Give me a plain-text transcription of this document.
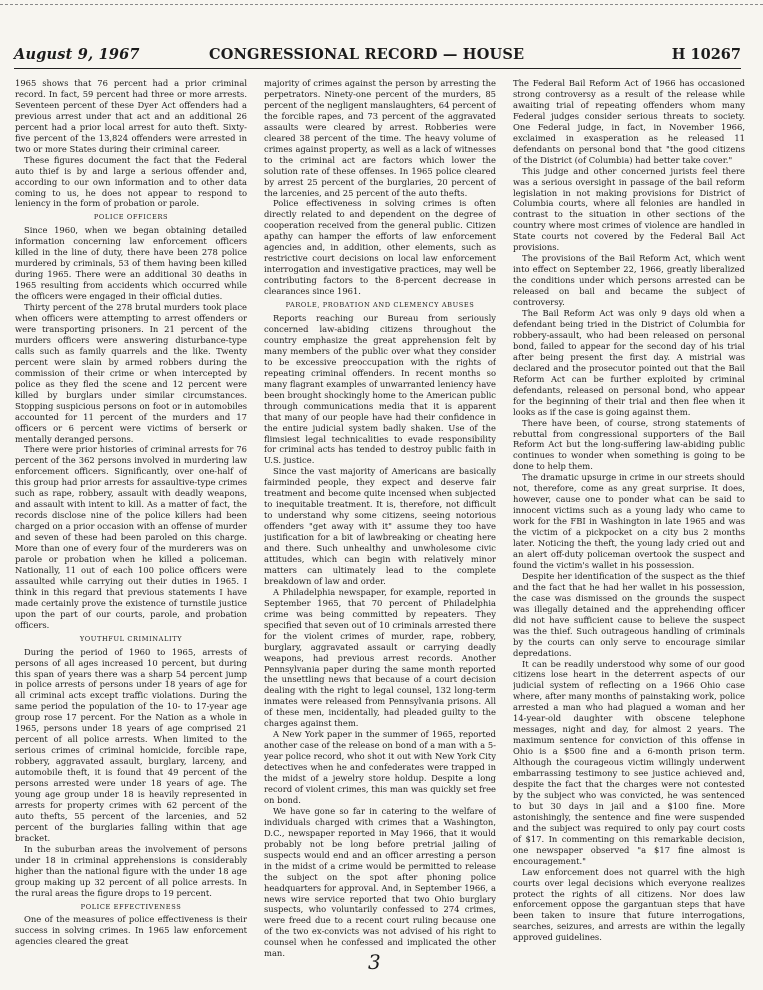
August 9, 1967	CONGRESSIONAL RECORD — HOUSE	H 10267

1965 shows that 76 percent had a prior criminal record. In fact, 59 percent had three or more arrests. Seventeen percent of these Dyer Act offenders had a previous arrest under that act and an additional 26 percent had a prior local arrest for auto theft. Sixty-five percent of the 13,824 offenders were arrested in two or more States during their criminal career.

These figures document the fact that the Federal auto thief is by and large a serious offender and, according to our own information and to other data coming to us, he does not appear to respond to leniency in the form of probation or parole.

POLICE OFFICERS

Since 1960, when we began obtaining detailed information concerning law enforcement officers killed in the line of duty, there have been 278 police murdered by criminals, 53 of them having been killed during 1965. There were an additional 30 deaths in 1965 resulting from accidents which occurred while the officers were engaged in their official duties.

Thirty percent of the 278 brutal murders took place when officers were attempting to arrest offenders or were transporting prisoners. In 21 percent of the murders officers were answering disturbance-type calls such as family quarrels and the like. Twenty percent were slain by armed robbers during the commission of their crime or when intercepted by police as they fled the scene and 12 percent were killed by burglars under similar circumstances. Stopping suspicious persons on foot or in automobiles accounted for 11 percent of the murders and 17 officers or 6 percent were victims of berserk or mentally deranged persons.

There were prior histories of criminal arrests for 76 percent of the 362 persons involved in murdering law enforcement officers. Significantly, over one-half of this group had prior arrests for assaultive-type crimes such as rape, robbery, assault with deadly weapons, and assault with intent to kill. As a matter of fact, the records disclose nine of the police killers had been charged on a prior occasion with an offense of murder and seven of these had been paroled on this charge. More than one of every four of the murderers was on parole or probation when he killed a policeman. Nationally, 11 out of each 100 police officers were assaulted while carrying out their duties in 1965. I think in this regard that previous statements I have made certainly prove the existence of turnstile justice upon the part of our courts, parole, and probation officers.

YOUTHFUL CRIMINALITY

During the period of 1960 to 1965, arrests of persons of all ages increased 10 percent, but during this span of years there was a sharp 54 percent jump in police arrests of persons under 18 years of age for all criminal acts except traffic violations. During the same period the population of the 10- to 17-year age group rose 17 percent. For the Nation as a whole in 1965, persons under 18 years of age comprised 21 percent of all police arrests. When limited to the serious crimes of criminal homicide, forcible rape, robbery, aggravated assault, burglary, larceny, and automobile theft, it is found that 49 percent of the persons arrested were under 18 years of age. The young age group under 18 is heavily represented in arrests for property crimes with 62 percent of the auto thefts, 55 percent of the larcenies, and 52 percent of the burglaries falling within that age bracket.

In the suburban areas the involvement of persons under 18 in criminal apprehensions is considerably higher than the national figure with the under 18 age group making up 32 percent of all police arrests. In the rural areas the figure drops to 19 percent.

POLICE EFFECTIVENESS

One of the measures of police effectiveness is their success in solving crimes. In 1965 law enforcement agencies cleared the great

majority of crimes against the person by arresting the perpetrators. Ninety-one percent of the murders, 85 percent of the negligent manslaughters, 64 percent of the forcible rapes, and 73 percent of the aggravated assaults were cleared by arrest. Robberies were cleared 38 percent of the time. The heavy volume of crimes against property, as well as a lack of witnesses to the criminal act are factors which lower the solution rate of these offenses. In 1965 police cleared by arrest 25 percent of the burglaries, 20 percent of the larcenies, and 25 percent of the auto thefts.

Police effectiveness in solving crimes is often directly related to and dependent on the degree of cooperation received from the general public. Citizen apathy can hamper the efforts of law enforcement agencies and, in addition, other elements, such as restrictive court decisions on local law enforcement interrogation and investigative practices, may well be contributing factors to the 8-percent decrease in clearances since 1961.

PAROLE, PROBATION AND CLEMENCY ABUSES

Reports reaching our Bureau from seriously concerned law-abiding citizens throughout the country emphasize the great apprehension felt by many members of the public over what they consider to be excessive preoccupation with the rights of repeating criminal offenders. In recent months so many flagrant examples of unwarranted leniency have been brought shockingly home to the American public through communications media that it is apparent that many of our people have had their confidence in the entire judicial system badly shaken. Use of the flimsiest legal technicalities to evade responsibility for criminal acts has tended to destroy public faith in U.S. justice.

Since the vast majority of Americans are basically fairminded people, they expect and deserve fair treatment and become quite incensed when subjected to inequitable treatment. It is, therefore, not difficult to understand why some citizens, seeing notorious offenders "get away with it" assume they too have justification for a bit of lawbreaking or cheating here and there. Such unhealthy and unwholesome civic attitudes, which can begin with relatively minor matters can ultimately lead to the complete breakdown of law and order.

A Philadelphia newspaper, for example, reported in September 1965, that 70 percent of Philadelphia crime was being committed by repeaters. They specified that seven out of 10 criminals arrested there for the violent crimes of murder, rape, robbery, burglary, aggravated assault or carrying deadly weapons, had previous arrest records. Another Pennsylvania paper during the same month reported the unsettling news that because of a court decision dealing with the right to legal counsel, 132 long-term inmates were released from Pennsylvania prisons. All of these men, incidentally, had pleaded guilty to the charges against them.

A New York paper in the summer of 1965, reported another case of the release on bond of a man with a 5-year police record, who shot it out with New York City detectives when he and confederates were trapped in the midst of a jewelry store holdup. Despite a long record of violent crimes, this man was quickly set free on bond.

We have gone so far in catering to the welfare of individuals charged with crimes that a Washington, D.C., newspaper reported in May 1966, that it would probably not be long before pretrial jailing of suspects would end and an officer arresting a person in the midst of a crime would be permitted to release the subject on the spot after phoning police headquarters for approval. And, in September 1966, a news wire service reported that two Ohio burglary suspects, who voluntarily confessed to 274 crimes, were freed due to a recent court ruling because one of the two ex-convicts was not advised of his right to counsel when he confessed and implicated the other man.

The Federal Bail Reform Act of 1966 has occasioned strong controversy as a result of the release while awaiting trial of repeating offenders whom many Federal judges consider serious threats to society. One Federal judge, in fact, in November 1966, exclaimed in exasperation as he released 11 defendants on personal bond that "the good citizens of the District (of Columbia) had better take cover."

This judge and other concerned jurists feel there was a serious oversight in passage of the bail reform legislation in not making provisions for District of Columbia courts, where all felonies are handled in contrast to the situation in other sections of the country where most crimes of violence are handled in State courts not covered by the Federal Bail Act provisions.

The provisions of the Bail Reform Act, which went into effect on September 22, 1966, greatly liberalized the conditions under which persons arrested can be released on bail and became the subject of controversy.

The Bail Reform Act was only 9 days old when a defendant being tried in the District of Columbia for robbery-assault, who had been released on personal bond, failed to appear for the second day of his trial after being present the first day. A mistrial was declared and the prosecutor pointed out that the Bail Reform Act can be further exploited by criminal defendants, released on personal bond, who appear for the beginning of their trial and then flee when it looks as if the case is going against them.

There have been, of course, strong statements of rebuttal from congressional supporters of the Bail Reform Act but the long-suffering law-abiding public continues to wonder when something is going to be done to help them.

The dramatic upsurge in crime in our streets should not, therefore, come as any great surprise. It does, however, cause one to ponder what can be said to innocent victims such as a young lady who came to work for the FBI in Washington in late 1965 and was the victim of a pickpocket on a city bus 2 months later. Noticing the theft, the young lady cried out and an alert off-duty policeman overtook the suspect and found the victim's wallet in his possession.

Despite her identification of the suspect as the thief and the fact that he had her wallet in his possession, the case was dismissed on the grounds the suspect was illegally detained and the apprehending officer did not have sufficient cause to believe the suspect was the thief. Such outrageous handling of criminals by the courts can only serve to encourage similar depredations.

It can be readily understood why some of our good citizens lose heart in the deterrent aspects of our judicial system of reflecting on a 1966 Ohio case where, after many months of painstaking work, police arrested a man who had plagued a woman and her 14-year-old daughter with obscene telephone messages, night and day, for almost 2 years. The maximum sentence for conviction of this offense in Ohio is a $500 fine and a 6-month prison term. Although the courageous victim willingly underwent embarrassing testimony to see justice achieved and, despite the fact that the charges were not contested by the subject who was convicted, he was sentenced to but 30 days in jail and a $100 fine. More astonishingly, the sentence and fine were suspended and the subject was required to only pay court costs of $17. In commenting on this remarkable decision, one newspaper observed "a $17 fine almost is encouragement."

Law enforcement does not quarrel with the high courts over legal decisions which everyone realizes protect the rights of all citizens. Nor does law enforcement oppose the gargantuan steps that have been taken to insure that future interrogations, searches, seizures, and arrests are within the legally approved guidelines.

3
